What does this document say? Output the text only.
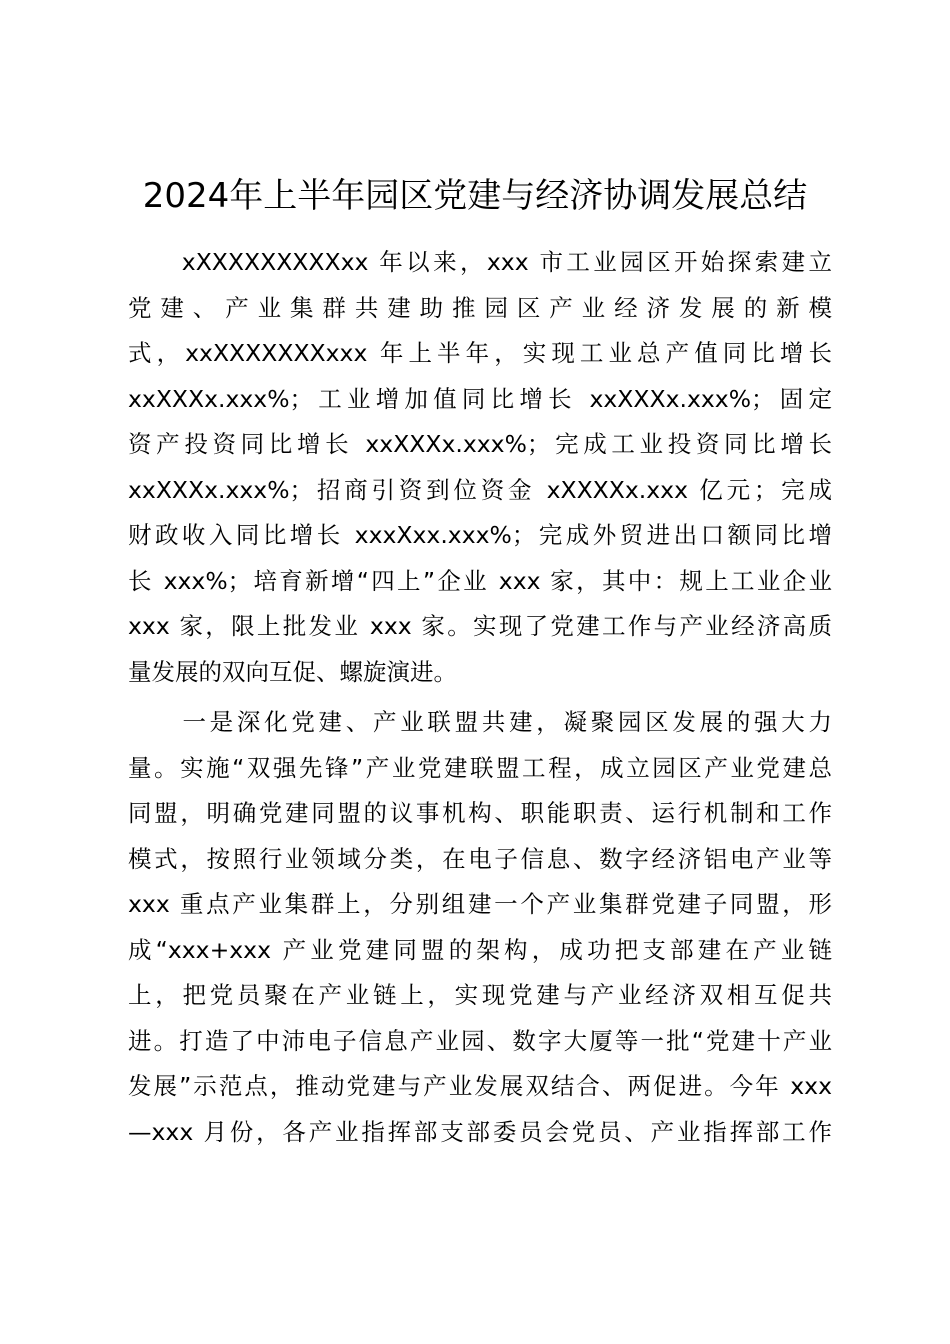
2024年上半年园区党建与经济协调发展总结
　　xXXXXXXXXXxx 年以来，xxx 市工业园区开始探索建立
党建、产业集群共建助推园区产业经济发展的新模
式，xxXXXXXXXxxx 年上半年，实现工业总产值同比增长
xxXXXx.xxx%；工业增加值同比增长 xxXXXx.xxx%；固定
资产投资同比增长 xxXXXx.xxx%；完成工业投资同比增长
xxXXXx.xxx%；招商引资到位资金 xXXXXx.xxx 亿元；完成
财政收入同比增长 xxxXxx.xxx%；完成外贸进出口额同比增
长 xxx%；培育新增“四上”企业 xxx 家，其中：规上工业企业
xxx 家，限上批发业 xxx 家。实现了党建工作与产业经济高质
量发展的双向互促、螺旋演进。
　　一是深化党建、产业联盟共建，凝聚园区发展的强大力
量。实施“双强先锋”产业党建联盟工程，成立园区产业党建总
同盟，明确党建同盟的议事机构、职能职责、运行机制和工作
模式，按照行业领域分类，在电子信息、数字经济铝电产业等
xxx 重点产业集群上，分别组建一个产业集群党建子同盟，形
成“xxx+xxx 产业党建同盟的架构，成功把支部建在产业链
上，把党员聚在产业链上，实现党建与产业经济双相互促共
进。打造了中沛电子信息产业园、数字大厦等一批“党建十产业
发展”示范点，推动党建与产业发展双结合、两促进。今年 xxx
—xxx 月份，各产业指挥部支部委员会党员、产业指挥部工作
